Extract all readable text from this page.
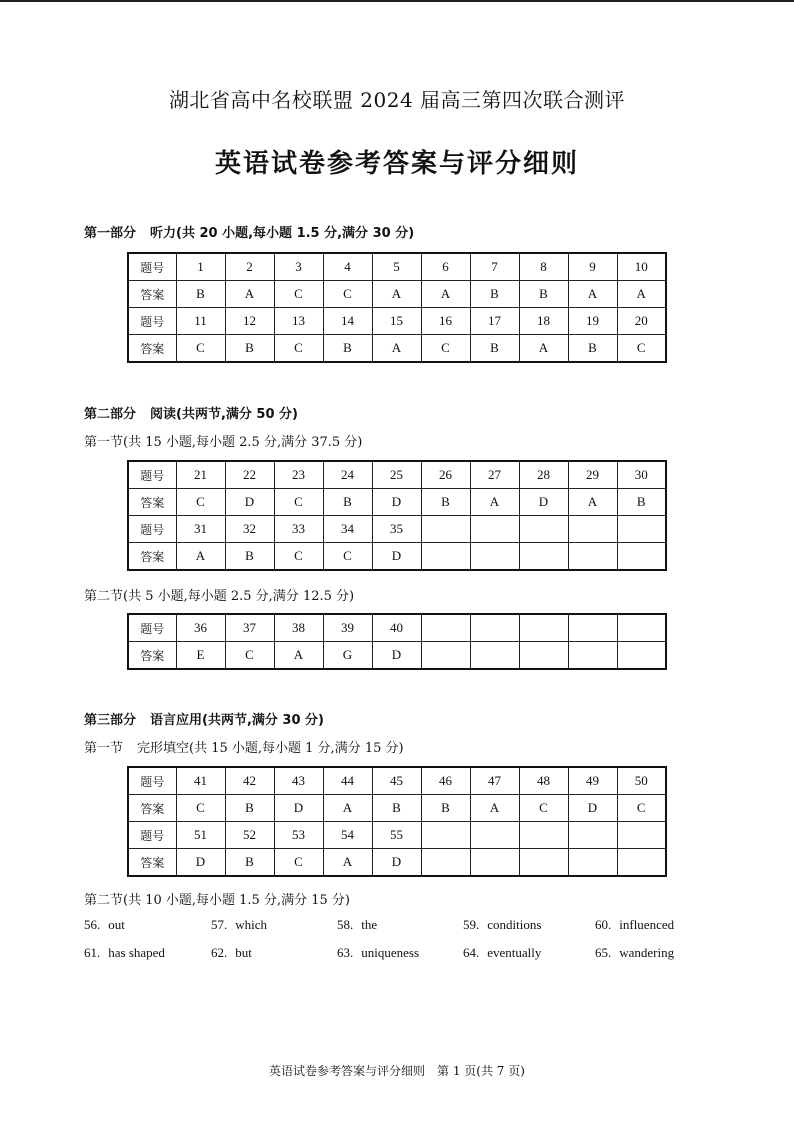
湖北省高中名校联盟 2024 届高三第四次联合测评
英语试卷参考答案与评分细则
第一部分 听力(共 20 小题,每小题 1.5 分,满分 30 分)
题号	1	2	3	4	5	6	7	8	9	10
答案	B	A	C	C	A	A	B	B	A	A
题号	11	12	13	14	15	16	17	18	19	20
答案	C	B	C	B	A	C	B	A	B	C
第二部分 阅读(共两节,满分 50 分)
第一节(共 15 小题,每小题 2.5 分,满分 37.5 分)
题号	21	22	23	24	25	26	27	28	29	30
答案	C	D	C	B	D	B	A	D	A	B
题号	31	32	33	34	35					
答案	A	B	C	C	D					
第二节(共 5 小题,每小题 2.5 分,满分 12.5 分)
题号	36	37	38	39	40					
答案	E	C	A	G	D					
第三部分 语言应用(共两节,满分 30 分)
第一节 完形填空(共 15 小题,每小题 1 分,满分 15 分)
题号	41	42	43	44	45	46	47	48	49	50
答案	C	B	D	A	B	B	A	C	D	C
题号	51	52	53	54	55					
答案	D	B	C	A	D					
第二节(共 10 小题,每小题 1.5 分,满分 15 分)
56. out	57. which	58. the	59. conditions	60. influenced
61. has shaped	62. but	63. uniqueness	64. eventually	65. wandering
英语试卷参考答案与评分细则　第 1 页(共 7 页)
